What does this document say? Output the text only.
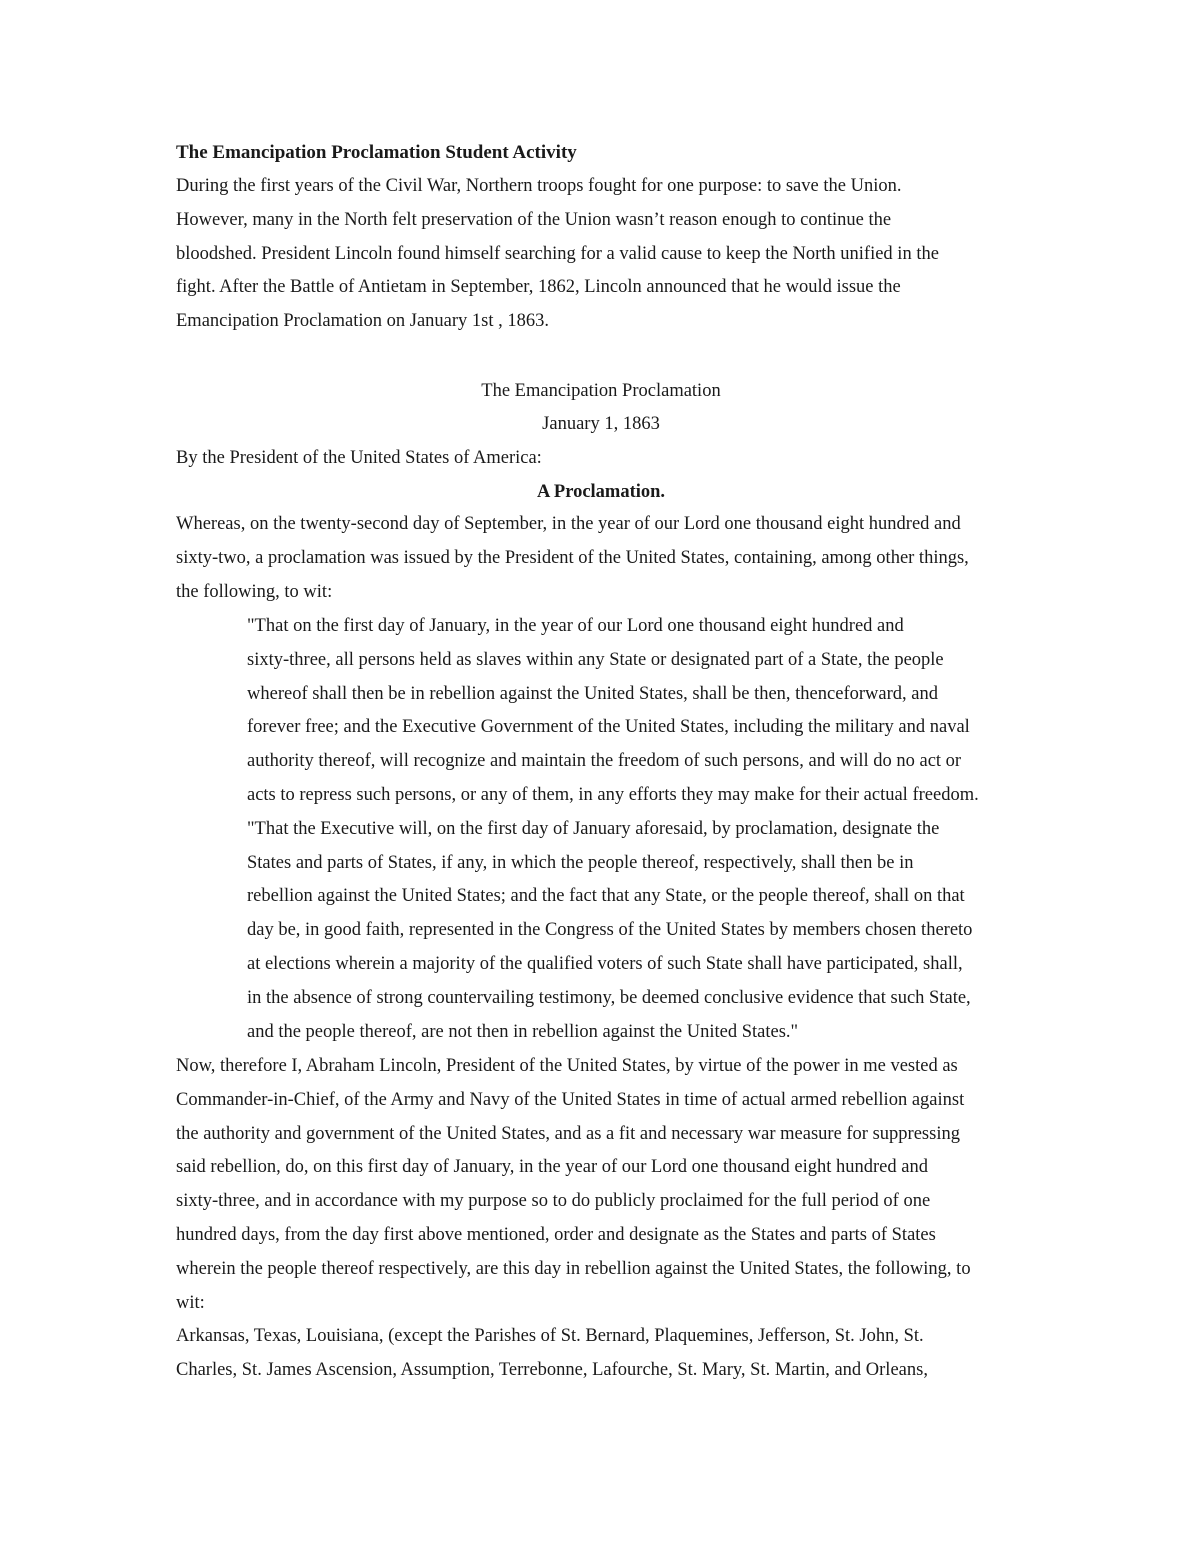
The Emancipation Proclamation Student Activity
During the first years of the Civil War, Northern troops fought for one purpose: to save the Union.
However, many in the North felt preservation of the Union wasn’t reason enough to continue the
bloodshed. President Lincoln found himself searching for a valid cause to keep the North unified in the
fight. After the Battle of Antietam in September, 1862, Lincoln announced that he would issue the
Emancipation Proclamation on January 1st , 1863.
The Emancipation Proclamation
January 1, 1863
By the President of the United States of America:
A Proclamation.
Whereas, on the twenty-second day of September, in the year of our Lord one thousand eight hundred and
sixty-two, a proclamation was issued by the President of the United States, containing, among other things,
the following, to wit:
"That on the first day of January, in the year of our Lord one thousand eight hundred and
sixty-three, all persons held as slaves within any State or designated part of a State, the people
whereof shall then be in rebellion against the United States, shall be then, thenceforward, and
forever free; and the Executive Government of the United States, including the military and naval
authority thereof, will recognize and maintain the freedom of such persons, and will do no act or
acts to repress such persons, or any of them, in any efforts they may make for their actual freedom.
"That the Executive will, on the first day of January aforesaid, by proclamation, designate the
States and parts of States, if any, in which the people thereof, respectively, shall then be in
rebellion against the United States; and the fact that any State, or the people thereof, shall on that
day be, in good faith, represented in the Congress of the United States by members chosen thereto
at elections wherein a majority of the qualified voters of such State shall have participated, shall,
in the absence of strong countervailing testimony, be deemed conclusive evidence that such State,
and the people thereof, are not then in rebellion against the United States."
Now, therefore I, Abraham Lincoln, President of the United States, by virtue of the power in me vested as
Commander-in-Chief, of the Army and Navy of the United States in time of actual armed rebellion against
the authority and government of the United States, and as a fit and necessary war measure for suppressing
said rebellion, do, on this first day of January, in the year of our Lord one thousand eight hundred and
sixty-three, and in accordance with my purpose so to do publicly proclaimed for the full period of one
hundred days, from the day first above mentioned, order and designate as the States and parts of States
wherein the people thereof respectively, are this day in rebellion against the United States, the following, to
wit:
Arkansas, Texas, Louisiana, (except the Parishes of St. Bernard, Plaquemines, Jefferson, St. John, St.
Charles, St. James Ascension, Assumption, Terrebonne, Lafourche, St. Mary, St. Martin, and Orleans,
